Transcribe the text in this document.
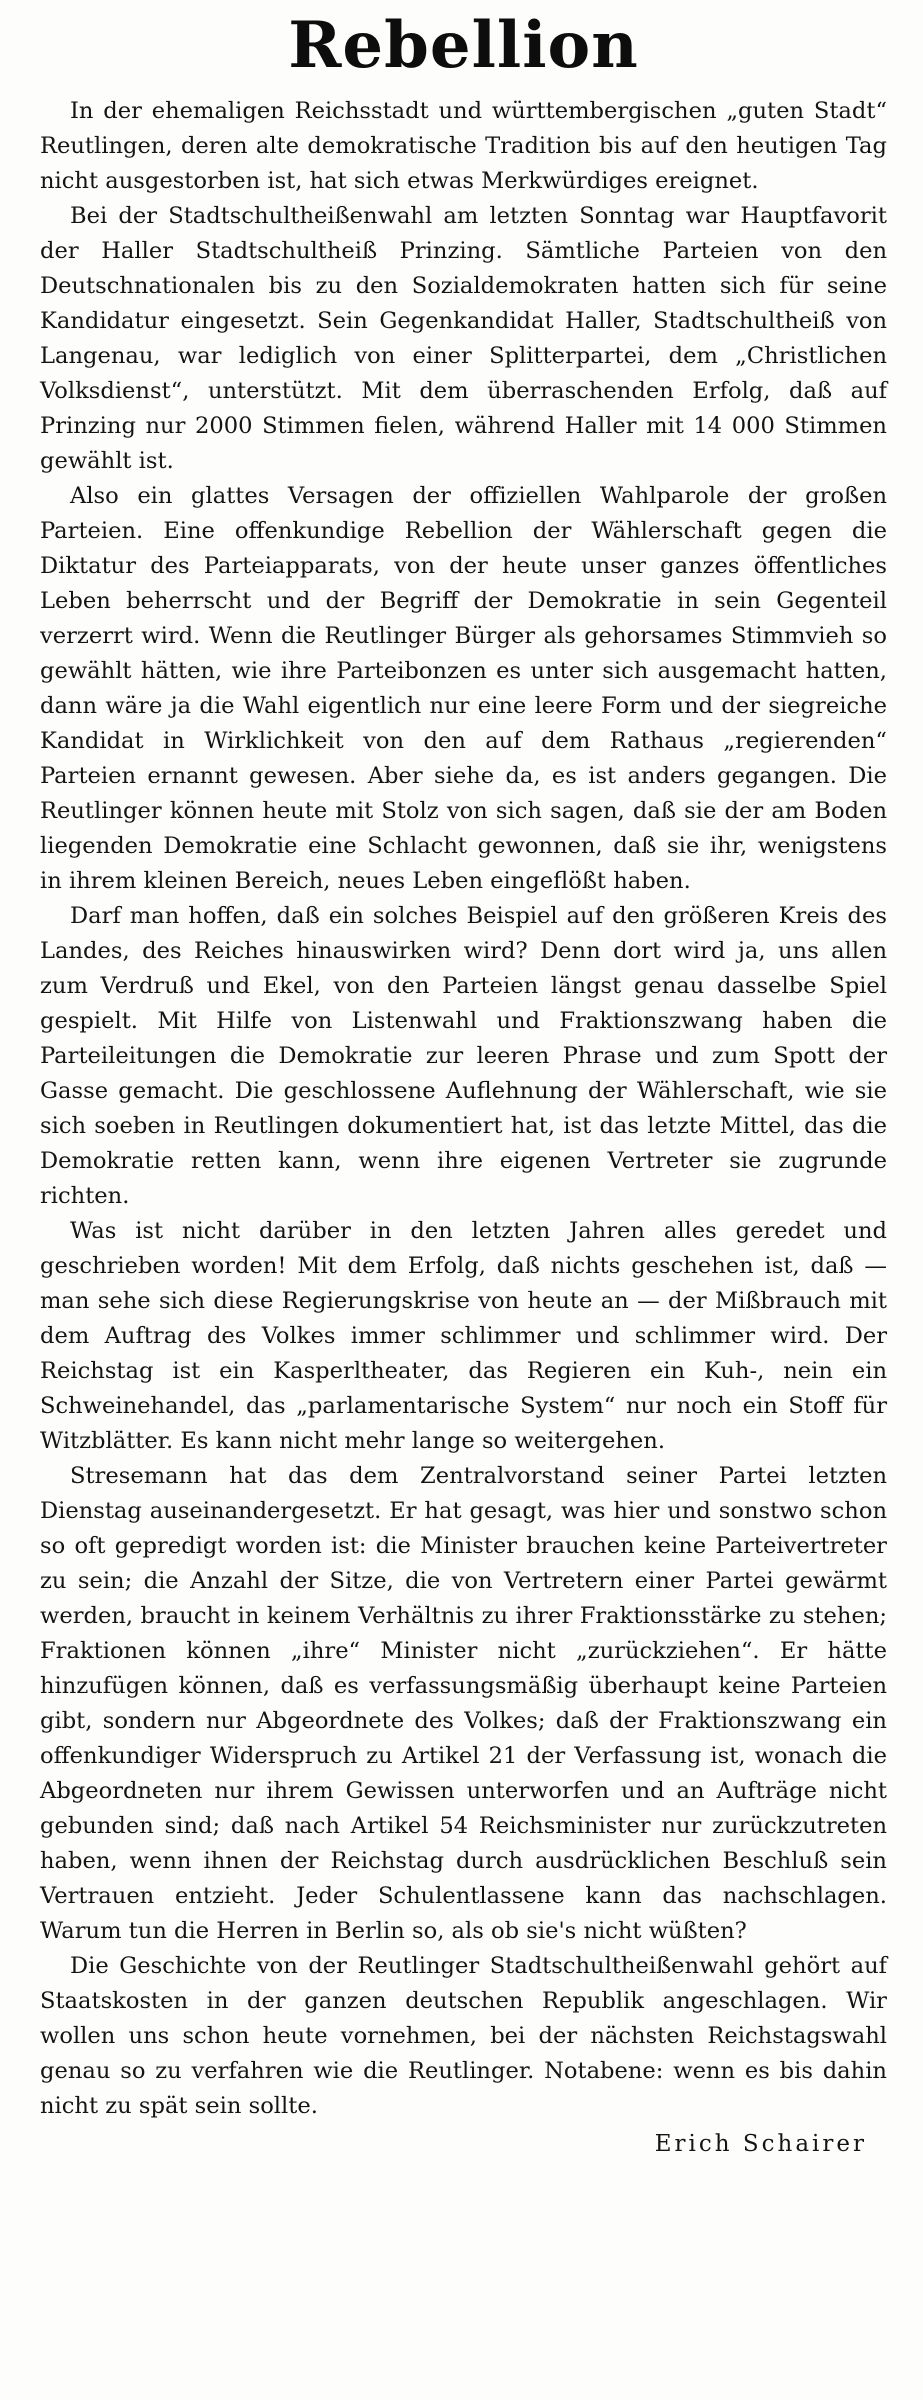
Rebellion

In der ehemaligen Reichsstadt und württembergischen „guten Stadt“ Reutlingen, deren alte demokratische Tradition bis auf den heutigen Tag nicht ausgestorben ist, hat sich etwas Merkwürdiges ereignet.

Bei der Stadtschultheißenwahl am letzten Sonntag war Hauptfavorit der Haller Stadtschultheiß Prinzing. Sämtliche Parteien von den Deutschnationalen bis zu den Sozialdemokraten hatten sich für seine Kandidatur eingesetzt. Sein Gegenkandidat Haller, Stadtschultheiß von Langenau, war lediglich von einer Splitterpartei, dem „Christlichen Volksdienst“, unterstützt. Mit dem überraschenden Erfolg, daß auf Prinzing nur 2000 Stimmen fielen, während Haller mit 14 000 Stimmen gewählt ist.

Also ein glattes Versagen der offiziellen Wahlparole der großen Parteien. Eine offenkundige Rebellion der Wählerschaft gegen die Diktatur des Parteiapparats, von der heute unser ganzes öffentliches Leben beherrscht und der Begriff der Demokratie in sein Gegenteil verzerrt wird. Wenn die Reutlinger Bürger als gehorsames Stimmvieh so gewählt hätten, wie ihre Parteibonzen es unter sich ausgemacht hatten, dann wäre ja die Wahl eigentlich nur eine leere Form und der siegreiche Kandidat in Wirklichkeit von den auf dem Rathaus „regierenden“ Parteien ernannt gewesen. Aber siehe da, es ist anders gegangen. Die Reutlinger können heute mit Stolz von sich sagen, daß sie der am Boden liegenden Demokratie eine Schlacht gewonnen, daß sie ihr, wenigstens in ihrem kleinen Bereich, neues Leben eingeflößt haben.

Darf man hoffen, daß ein solches Beispiel auf den größeren Kreis des Landes, des Reiches hinauswirken wird? Denn dort wird ja, uns allen zum Verdruß und Ekel, von den Parteien längst genau dasselbe Spiel gespielt. Mit Hilfe von Listenwahl und Fraktionszwang haben die Parteileitungen die Demokratie zur leeren Phrase und zum Spott der Gasse gemacht. Die geschlossene Auflehnung der Wählerschaft, wie sie sich soeben in Reutlingen dokumentiert hat, ist das letzte Mittel, das die Demokratie retten kann, wenn ihre eigenen Vertreter sie zugrunde richten.

Was ist nicht darüber in den letzten Jahren alles geredet und geschrieben worden! Mit dem Erfolg, daß nichts geschehen ist, daß — man sehe sich diese Regierungskrise von heute an — der Mißbrauch mit dem Auftrag des Volkes immer schlimmer und schlimmer wird. Der Reichstag ist ein Kasperltheater, das Regieren ein Kuh-, nein ein Schweinehandel, das „parlamentarische System“ nur noch ein Stoff für Witzblätter. Es kann nicht mehr lange so weitergehen.

Stresemann hat das dem Zentralvorstand seiner Partei letzten Dienstag auseinandergesetzt. Er hat gesagt, was hier und sonstwo schon so oft gepredigt worden ist: die Minister brauchen keine Parteivertreter zu sein; die Anzahl der Sitze, die von Vertretern einer Partei gewärmt werden, braucht in keinem Verhältnis zu ihrer Fraktionsstärke zu stehen; Fraktionen können „ihre“ Minister nicht „zurückziehen“. Er hätte hinzufügen können, daß es verfassungsmäßig überhaupt keine Parteien gibt, sondern nur Abgeordnete des Volkes; daß der Fraktionszwang ein offenkundiger Widerspruch zu Artikel 21 der Verfassung ist, wonach die Abgeordneten nur ihrem Gewissen unterworfen und an Aufträge nicht gebunden sind; daß nach Artikel 54 Reichsminister nur zurückzutreten haben, wenn ihnen der Reichstag durch ausdrücklichen Beschluß sein Vertrauen entzieht. Jeder Schulentlassene kann das nachschlagen. Warum tun die Herren in Berlin so, als ob sie's nicht wüßten?

Die Geschichte von der Reutlinger Stadtschultheißenwahl gehört auf Staatskosten in der ganzen deutschen Republik angeschlagen. Wir wollen uns schon heute vornehmen, bei der nächsten Reichstagswahl genau so zu verfahren wie die Reutlinger. Notabene: wenn es bis dahin nicht zu spät sein sollte.

Erich Schairer
